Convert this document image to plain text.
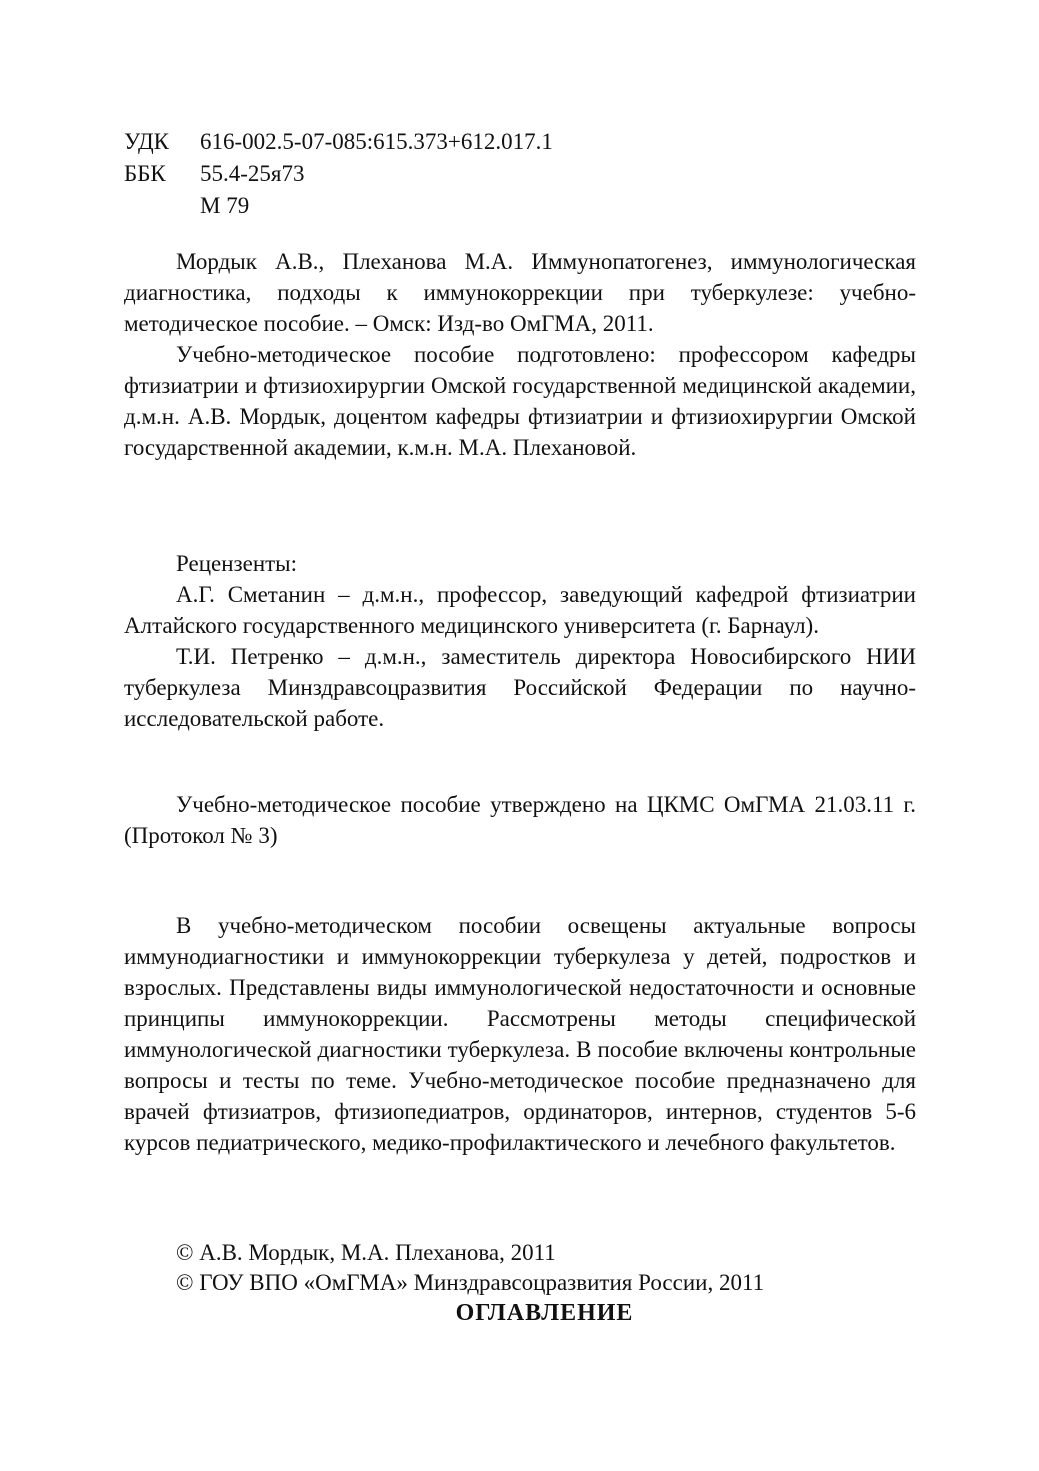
УДК	616-002.5-07-085:615.373+612.017.1
ББК	55.4-25я73
М 79

Мордык А.В., Плеханова М.А. Иммунопатогенез, иммунологическая диагностика, подходы к иммунокоррекции при туберкулезе: учебно-методическое пособие. – Омск: Изд-во ОмГМА, 2011.

Учебно-методическое пособие подготовлено: профессором кафедры фтизиатрии и фтизиохирургии Омской государственной медицинской академии, д.м.н. А.В. Мордык, доцентом кафедры фтизиатрии и фтизиохирургии Омской государственной академии, к.м.н. М.А. Плехановой.

Рецензенты:

А.Г. Сметанин – д.м.н., профессор, заведующий кафедрой фтизиатрии Алтайского государственного медицинского университета (г. Барнаул).

Т.И. Петренко – д.м.н., заместитель директора Новосибирского НИИ туберкулеза Минздравсоцразвития Российской Федерации по научно-исследовательской работе.

Учебно-методическое пособие утверждено на ЦКМС ОмГМА 21.03.11 г. (Протокол № 3)

В учебно-методическом пособии освещены актуальные вопросы иммунодиагностики и иммунокоррекции туберкулеза у детей, подростков и взрослых. Представлены виды иммунологической недостаточности и основные принципы иммунокоррекции. Рассмотрены методы специфической иммунологической диагностики туберкулеза. В пособие включены контрольные вопросы и тесты по теме. Учебно-методическое пособие предназначено для врачей фтизиатров, фтизиопедиатров, ординаторов, интернов, студентов 5-6 курсов педиатрического, медико-профилактического и лечебного факультетов.

© А.В. Мордык, М.А. Плеханова, 2011
© ГОУ ВПО «ОмГМА» Минздравсоцразвития России, 2011
ОГЛАВЛЕНИЕ
